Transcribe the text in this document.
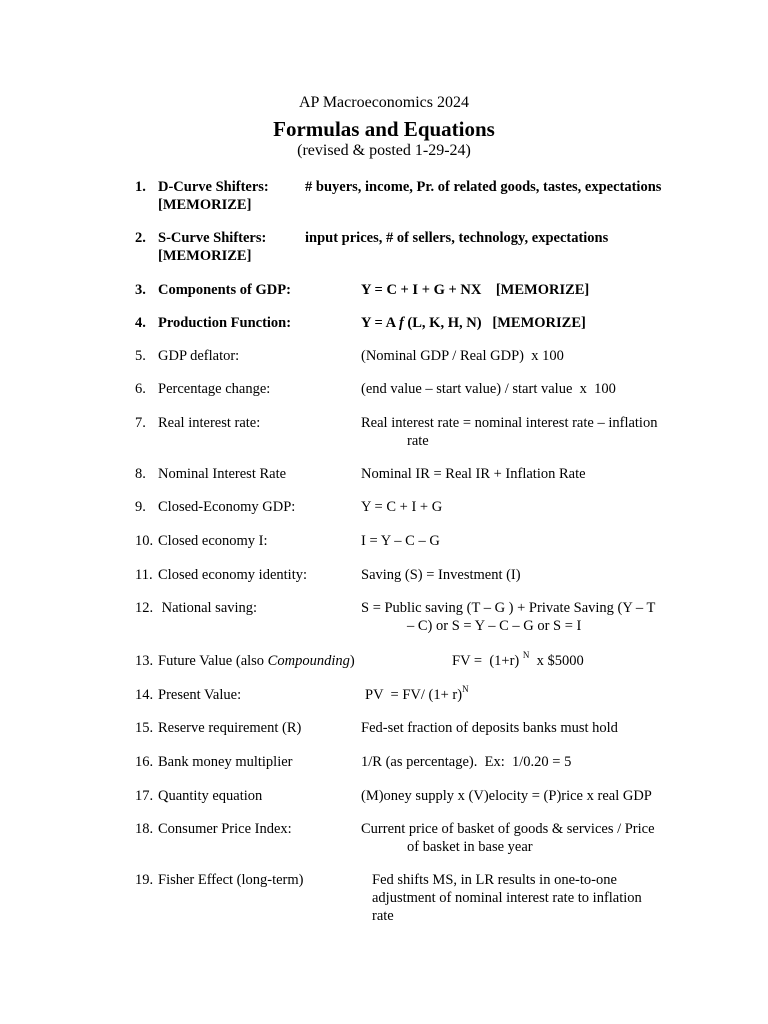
AP Macroeconomics 2024
Formulas and Equations
(revised & posted 1-29-24)
1. D-Curve Shifters:	# buyers, income, Pr. of related goods, tastes, expectations
[MEMORIZE]
2. S-Curve Shifters:	input prices, # of sellers, technology, expectations
[MEMORIZE]
3. Components of GDP:	Y = C + I + G + NX    [MEMORIZE]
4. Production Function:	Y = A f (L, K, H, N)   [MEMORIZE]
5. GDP deflator:	(Nominal GDP / Real GDP)  x 100
6. Percentage change:	(end value – start value) / start value  x  100
7. Real interest rate:	Real interest rate = nominal interest rate – inflation
rate
8. Nominal Interest Rate	Nominal IR = Real IR + Inflation Rate
9. Closed-Economy GDP:	Y = C + I + G
10. Closed economy I:	I = Y – C – G
11. Closed economy identity:	Saving (S) = Investment (I)
12. National saving:	S = Public saving (T – G ) + Private Saving (Y – T
– C) or S = Y – C – G or S = I
13. Future Value (also Compounding)	FV =  (1+r) $^N$  x $5000
14. Present Value:	PV  = FV/ $(1+ r)^N$
15. Reserve requirement (R)	Fed-set fraction of deposits banks must hold
16. Bank money multiplier	1/R (as percentage).  Ex:  1/0.20 = 5
17. Quantity equation	(M)oney supply x (V)elocity = (P)rice x real GDP
18. Consumer Price Index:	Current price of basket of goods & services / Price
of basket in base year
19. Fisher Effect (long-term)	Fed shifts MS, in LR results in one-to-one
adjustment of nominal interest rate to inflation
rate
